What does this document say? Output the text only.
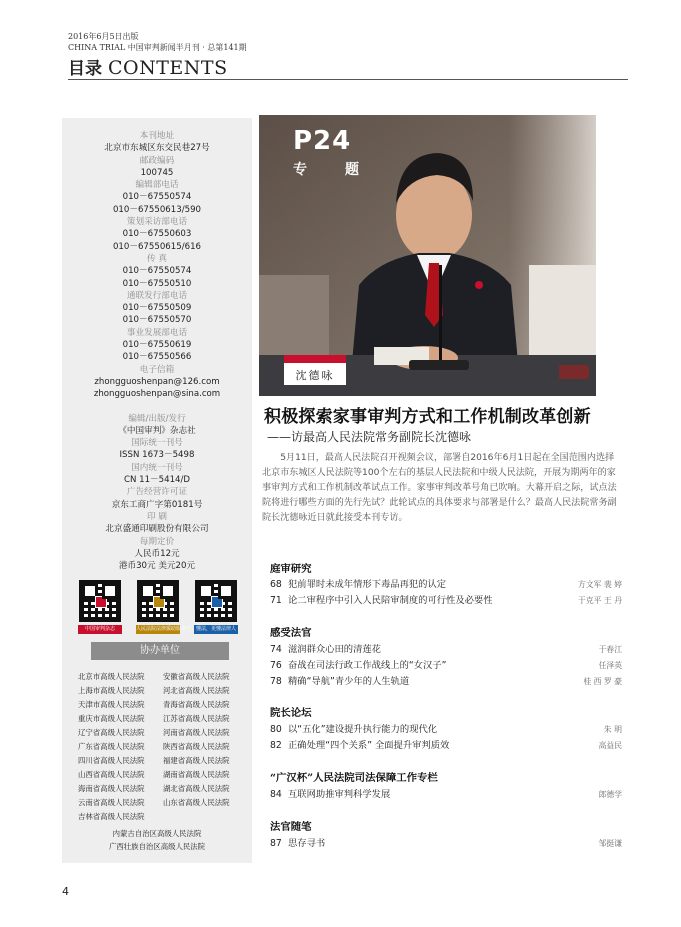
2016年6月5日出版
CHINA TRIAL 中国审判新闻半月刊 · 总第141期
目录 CONTENTS
本刊地址
北京市东城区东交民巷27号
邮政编码
100745
编辑部电话
010－67550574
010－67550613/590
策划采访部电话
010－67550603
010－67550615/616
传 真
010－67550574
010－67550510
通联发行部电话
010－67550509
010－67550570
事业发展部电话
010－67550619
010－67550566
电子信箱
zhongguoshenpan@126.com
zhongguoshenpan@sina.com
编辑/出版/发行
《中国审判》杂志社
国际统一刊号
ISSN 1673－5498
国内统一刊号
CN 11－5414/D
广告经营许可证
京东工商广字第0181号
印 刷
北京盛通印刷股份有限公司
每期定价
人民币12元
港币30元 美元20元
中国审判杂志	人民法院法律援助服务号 懂法，更懂法律人
协办单位
北京市高级人民法院	安徽省高级人民法院
上海市高级人民法院	河北省高级人民法院
天津市高级人民法院	青海省高级人民法院
重庆市高级人民法院	江苏省高级人民法院
辽宁省高级人民法院	河南省高级人民法院
广东省高级人民法院	陕西省高级人民法院
四川省高级人民法院	福建省高级人民法院
山西省高级人民法院	湖南省高级人民法院
海南省高级人民法院	湖北省高级人民法院
云南省高级人民法院	山东省高级人民法院
吉林省高级人民法院
内蒙古自治区高级人民法院
广西壮族自治区高级人民法院
P24
专　题
沈德咏
积极探索家事审判方式和工作机制改革创新
——访最高人民法院常务副院长沈德咏
5月11日，最高人民法院召开视频会议，部署自2016年6月1日起在全国范围内选择北京市东城区人民法院等100个左右的基层人民法院和中级人民法院，开展为期两年的家事审判方式和工作机制改革试点工作。家事审判改革号角已吹响。大幕开启之际，试点法院将进行哪些方面的先行先试？此轮试点的具体要求与部署是什么？最高人民法院常务副院长沈德咏近日就此接受本刊专访。
庭审研究
68 犯前罪时未成年情形下毒品再犯的认定	方文军 裴 婷
71 论二审程序中引入人民陪审制度的可行性及必要性	于克平 王 丹
感受法官
74 滋润群众心田的清莲花	于春江
76 奋战在司法行政工作战线上的“女汉子”	任泽英
78 精确“导航”青少年的人生轨道	桂 西 罗 豪
院长论坛
80 以“五化”建设提升执行能力的现代化	朱 明
82 正确处理“四个关系” 全面提升审判质效	高益民
“广汉杯”人民法院司法保障工作专栏
84 互联网助推审判科学发展	郎德学
法官随笔
87 思存寻书	邹挺谦
4
